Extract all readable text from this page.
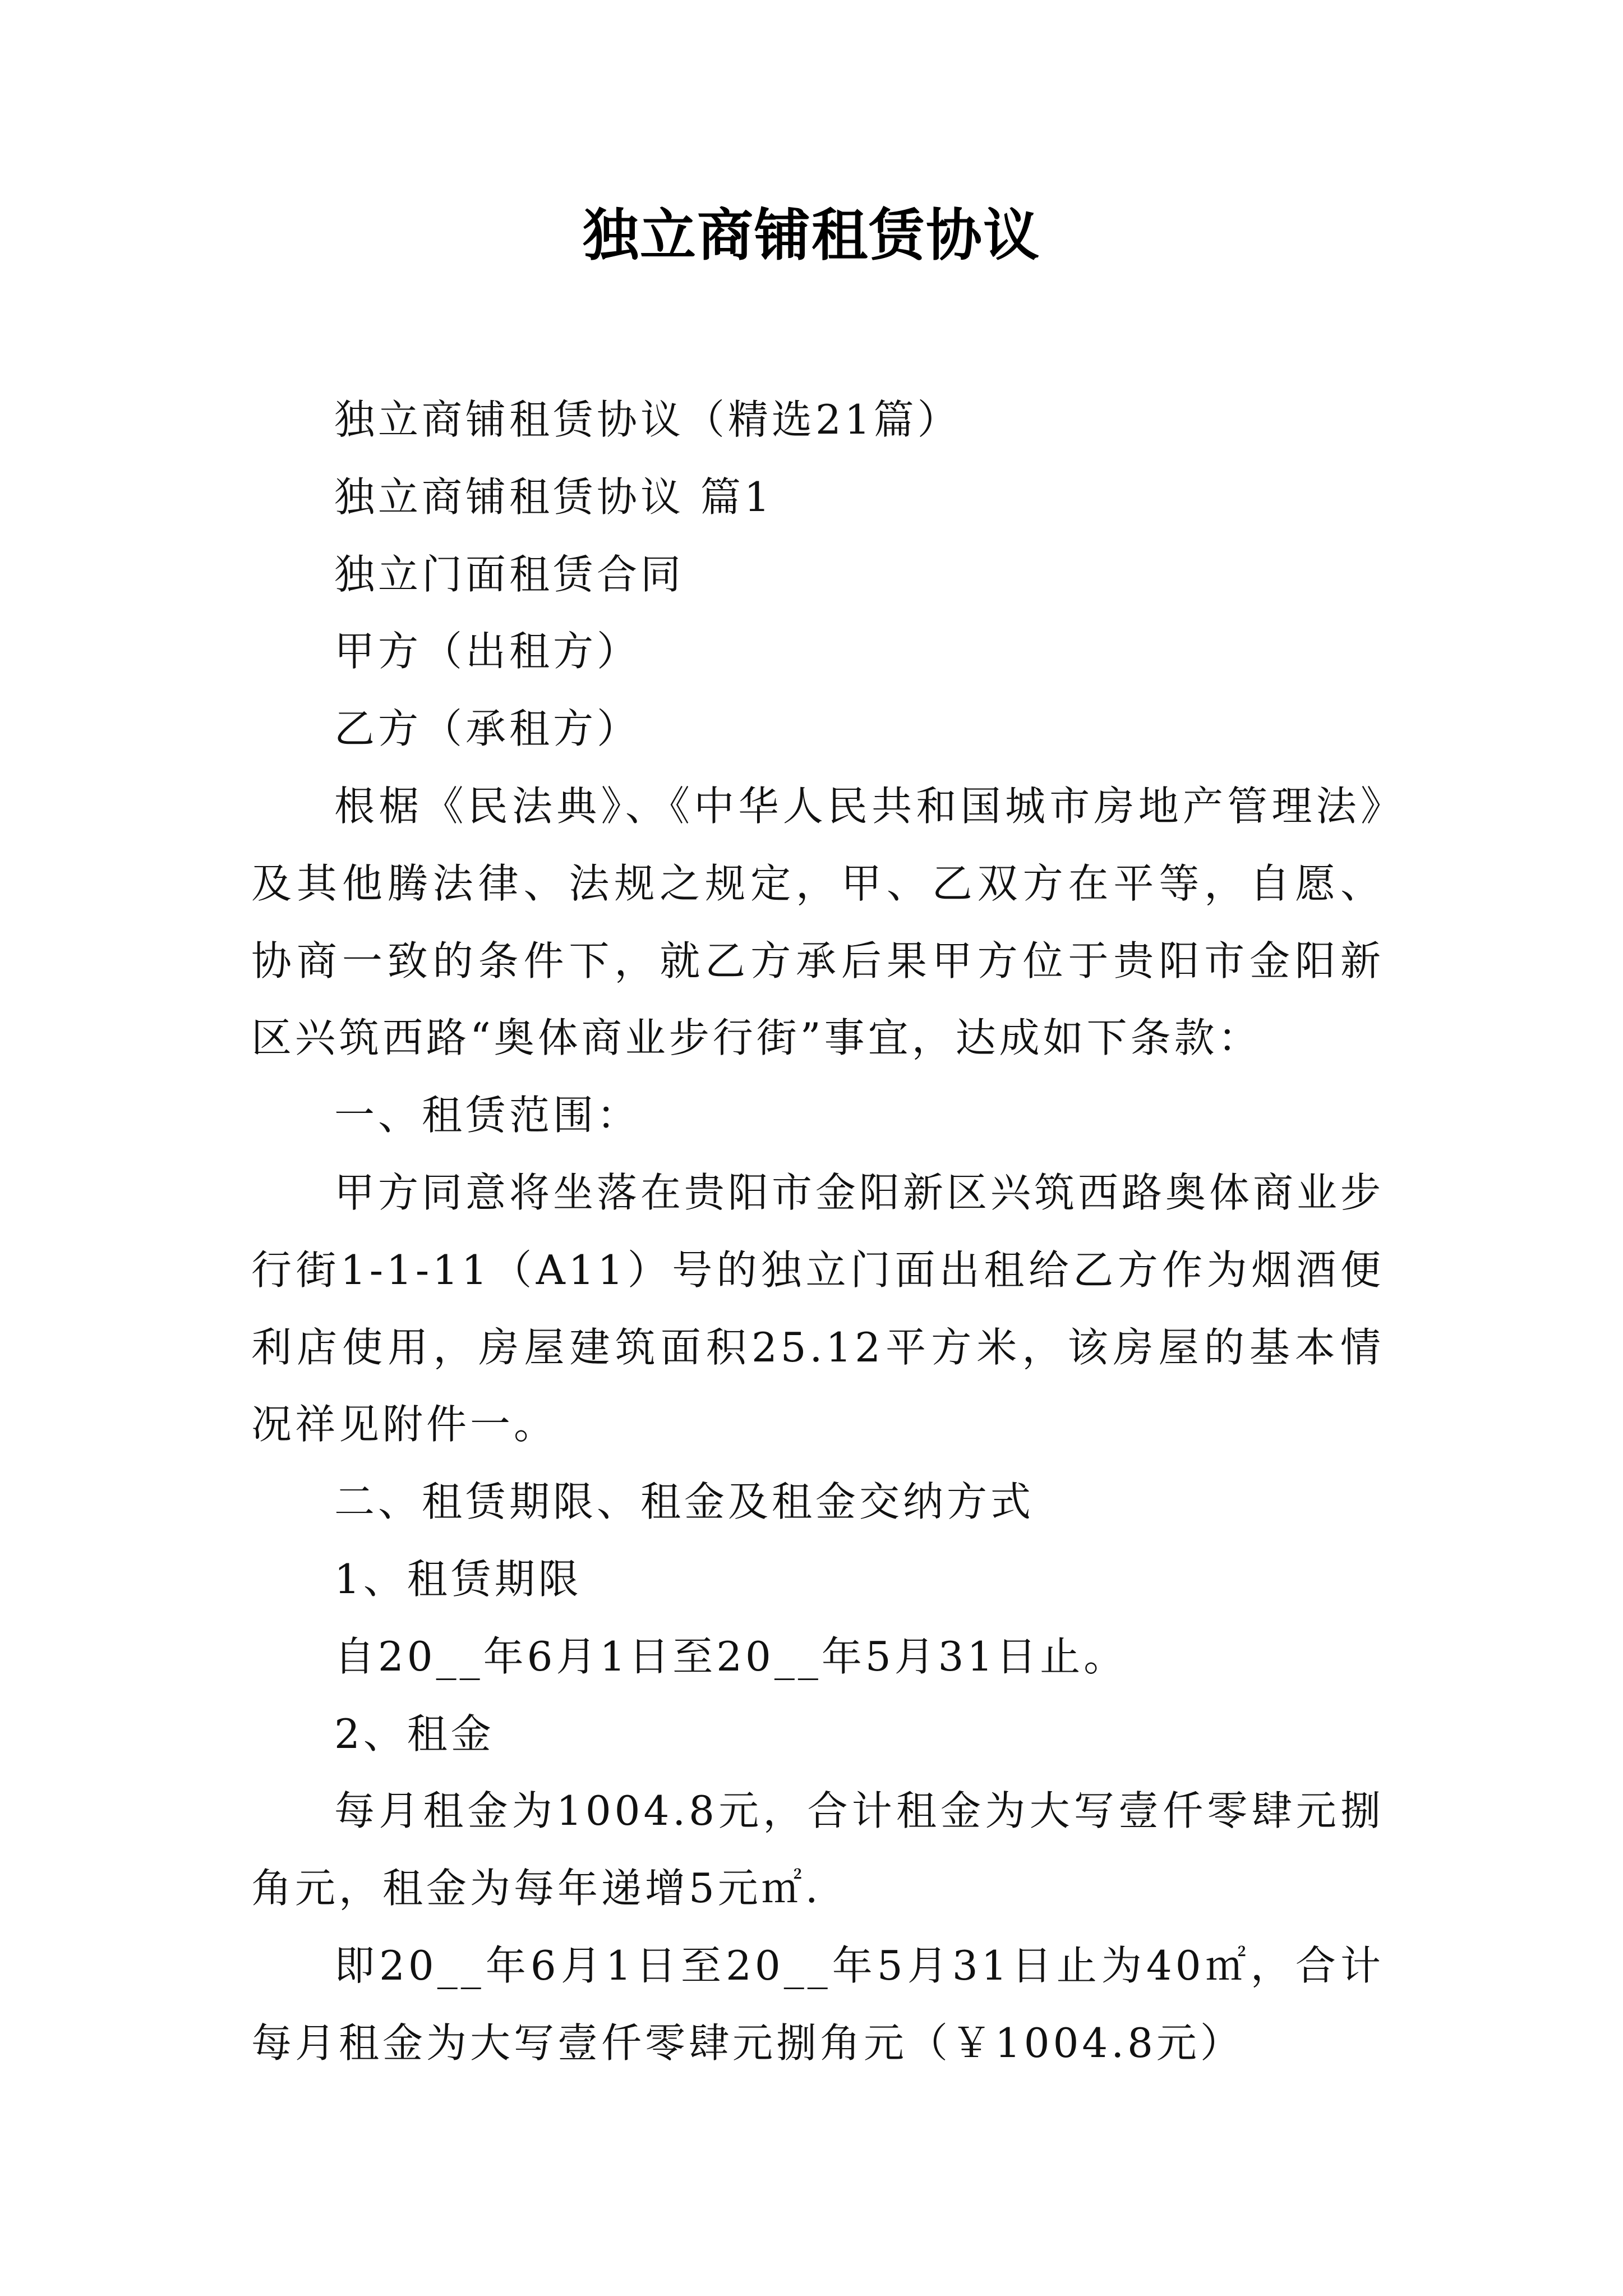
独立商铺租赁协议

独立商铺租赁协议（精选21篇）

独立商铺租赁协议 篇1

独立门面租赁合同

甲方（出租方）

乙方（承租方）

根椐《民法典》、《中华人民共和国城市房地产管理法》及其他腾法律、法规之规定，甲、乙双方在平等，自愿、协商一致的条件下，就乙方承后果甲方位于贵阳市金阳新区兴筑西路“奥体商业步行街”事宜，达成如下条款：

一、租赁范围：

甲方同意将坐落在贵阳市金阳新区兴筑西路奥体商业步行街1-1-11（A11）号的独立门面出租给乙方作为烟酒便利店使用，房屋建筑面积25.12平方米，该房屋的基本情况祥见附件一。

二、租赁期限、租金及租金交纳方式

1、租赁期限

自20__年6月1日至20__年5月31日止。

2、租金

每月租金为1004.8元，合计租金为大写壹仟零肆元捌角元，租金为每年递增5元㎡.

即20__年6月1日至20__年5月31日止为40㎡，合计每月租金为大写壹仟零肆元捌角元（￥1004.8元）
